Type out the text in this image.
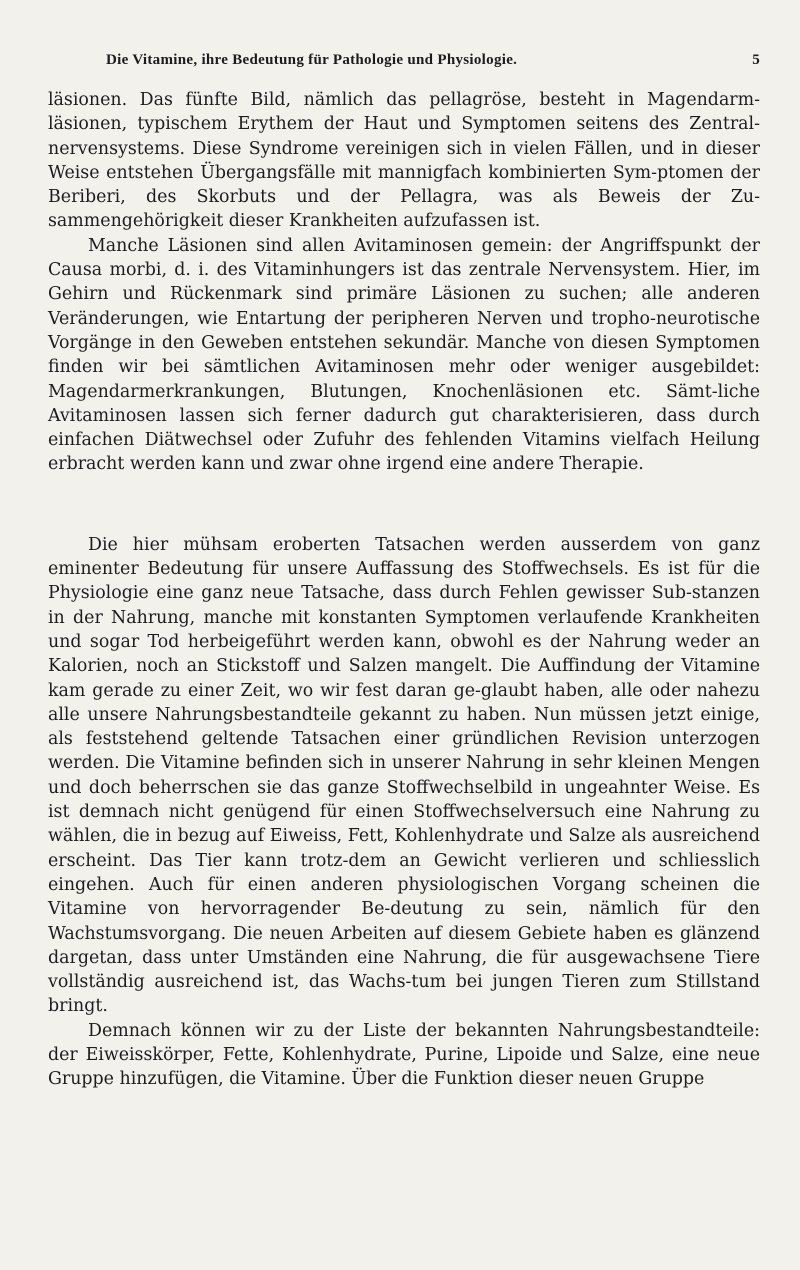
Die Vitamine, ihre Bedeutung für Pathologie und Physiologie.	5

läsionen. Das fünfte Bild, nämlich das pellagröse, besteht in Magendarm-läsionen, typischem Erythem der Haut und Symptomen seitens des Zentral-nervensystems. Diese Syndrome vereinigen sich in vielen Fällen, und in dieser Weise entstehen Übergangsfälle mit mannigfach kombinierten Sym-ptomen der Beriberi, des Skorbuts und der Pellagra, was als Beweis der Zu-sammengehörigkeit dieser Krankheiten aufzufassen ist.

Manche Läsionen sind allen Avitaminosen gemein: der Angriffspunkt der Causa morbi, d. i. des Vitaminhungers ist das zentrale Nervensystem. Hier, im Gehirn und Rückenmark sind primäre Läsionen zu suchen; alle anderen Veränderungen, wie Entartung der peripheren Nerven und tropho-neurotische Vorgänge in den Geweben entstehen sekundär. Manche von diesen Symptomen finden wir bei sämtlichen Avitaminosen mehr oder weniger ausgebildet: Magendarmerkrankungen, Blutungen, Knochenläsionen etc. Sämt-liche Avitaminosen lassen sich ferner dadurch gut charakterisieren, dass durch einfachen Diätwechsel oder Zufuhr des fehlenden Vitamins vielfach Heilung erbracht werden kann und zwar ohne irgend eine andere Therapie.

Die hier mühsam eroberten Tatsachen werden ausserdem von ganz eminenter Bedeutung für unsere Auffassung des Stoffwechsels. Es ist für die Physiologie eine ganz neue Tatsache, dass durch Fehlen gewisser Sub-stanzen in der Nahrung, manche mit konstanten Symptomen verlaufende Krankheiten und sogar Tod herbeigeführt werden kann, obwohl es der Nahrung weder an Kalorien, noch an Stickstoff und Salzen mangelt. Die Auffindung der Vitamine kam gerade zu einer Zeit, wo wir fest daran ge-glaubt haben, alle oder nahezu alle unsere Nahrungsbestandteile gekannt zu haben. Nun müssen jetzt einige, als feststehend geltende Tatsachen einer gründlichen Revision unterzogen werden. Die Vitamine befinden sich in unserer Nahrung in sehr kleinen Mengen und doch beherrschen sie das ganze Stoffwechselbild in ungeahnter Weise. Es ist demnach nicht genügend für einen Stoffwechselversuch eine Nahrung zu wählen, die in bezug auf Eiweiss, Fett, Kohlenhydrate und Salze als ausreichend erscheint. Das Tier kann trotz-dem an Gewicht verlieren und schliesslich eingehen. Auch für einen anderen physiologischen Vorgang scheinen die Vitamine von hervorragender Be-deutung zu sein, nämlich für den Wachstumsvorgang. Die neuen Arbeiten auf diesem Gebiete haben es glänzend dargetan, dass unter Umständen eine Nahrung, die für ausgewachsene Tiere vollständig ausreichend ist, das Wachs-tum bei jungen Tieren zum Stillstand bringt.

Demnach können wir zu der Liste der bekannten Nahrungsbestandteile: der Eiweisskörper, Fette, Kohlenhydrate, Purine, Lipoide und Salze, eine neue Gruppe hinzufügen, die Vitamine. Über die Funktion dieser neuen Gruppe
